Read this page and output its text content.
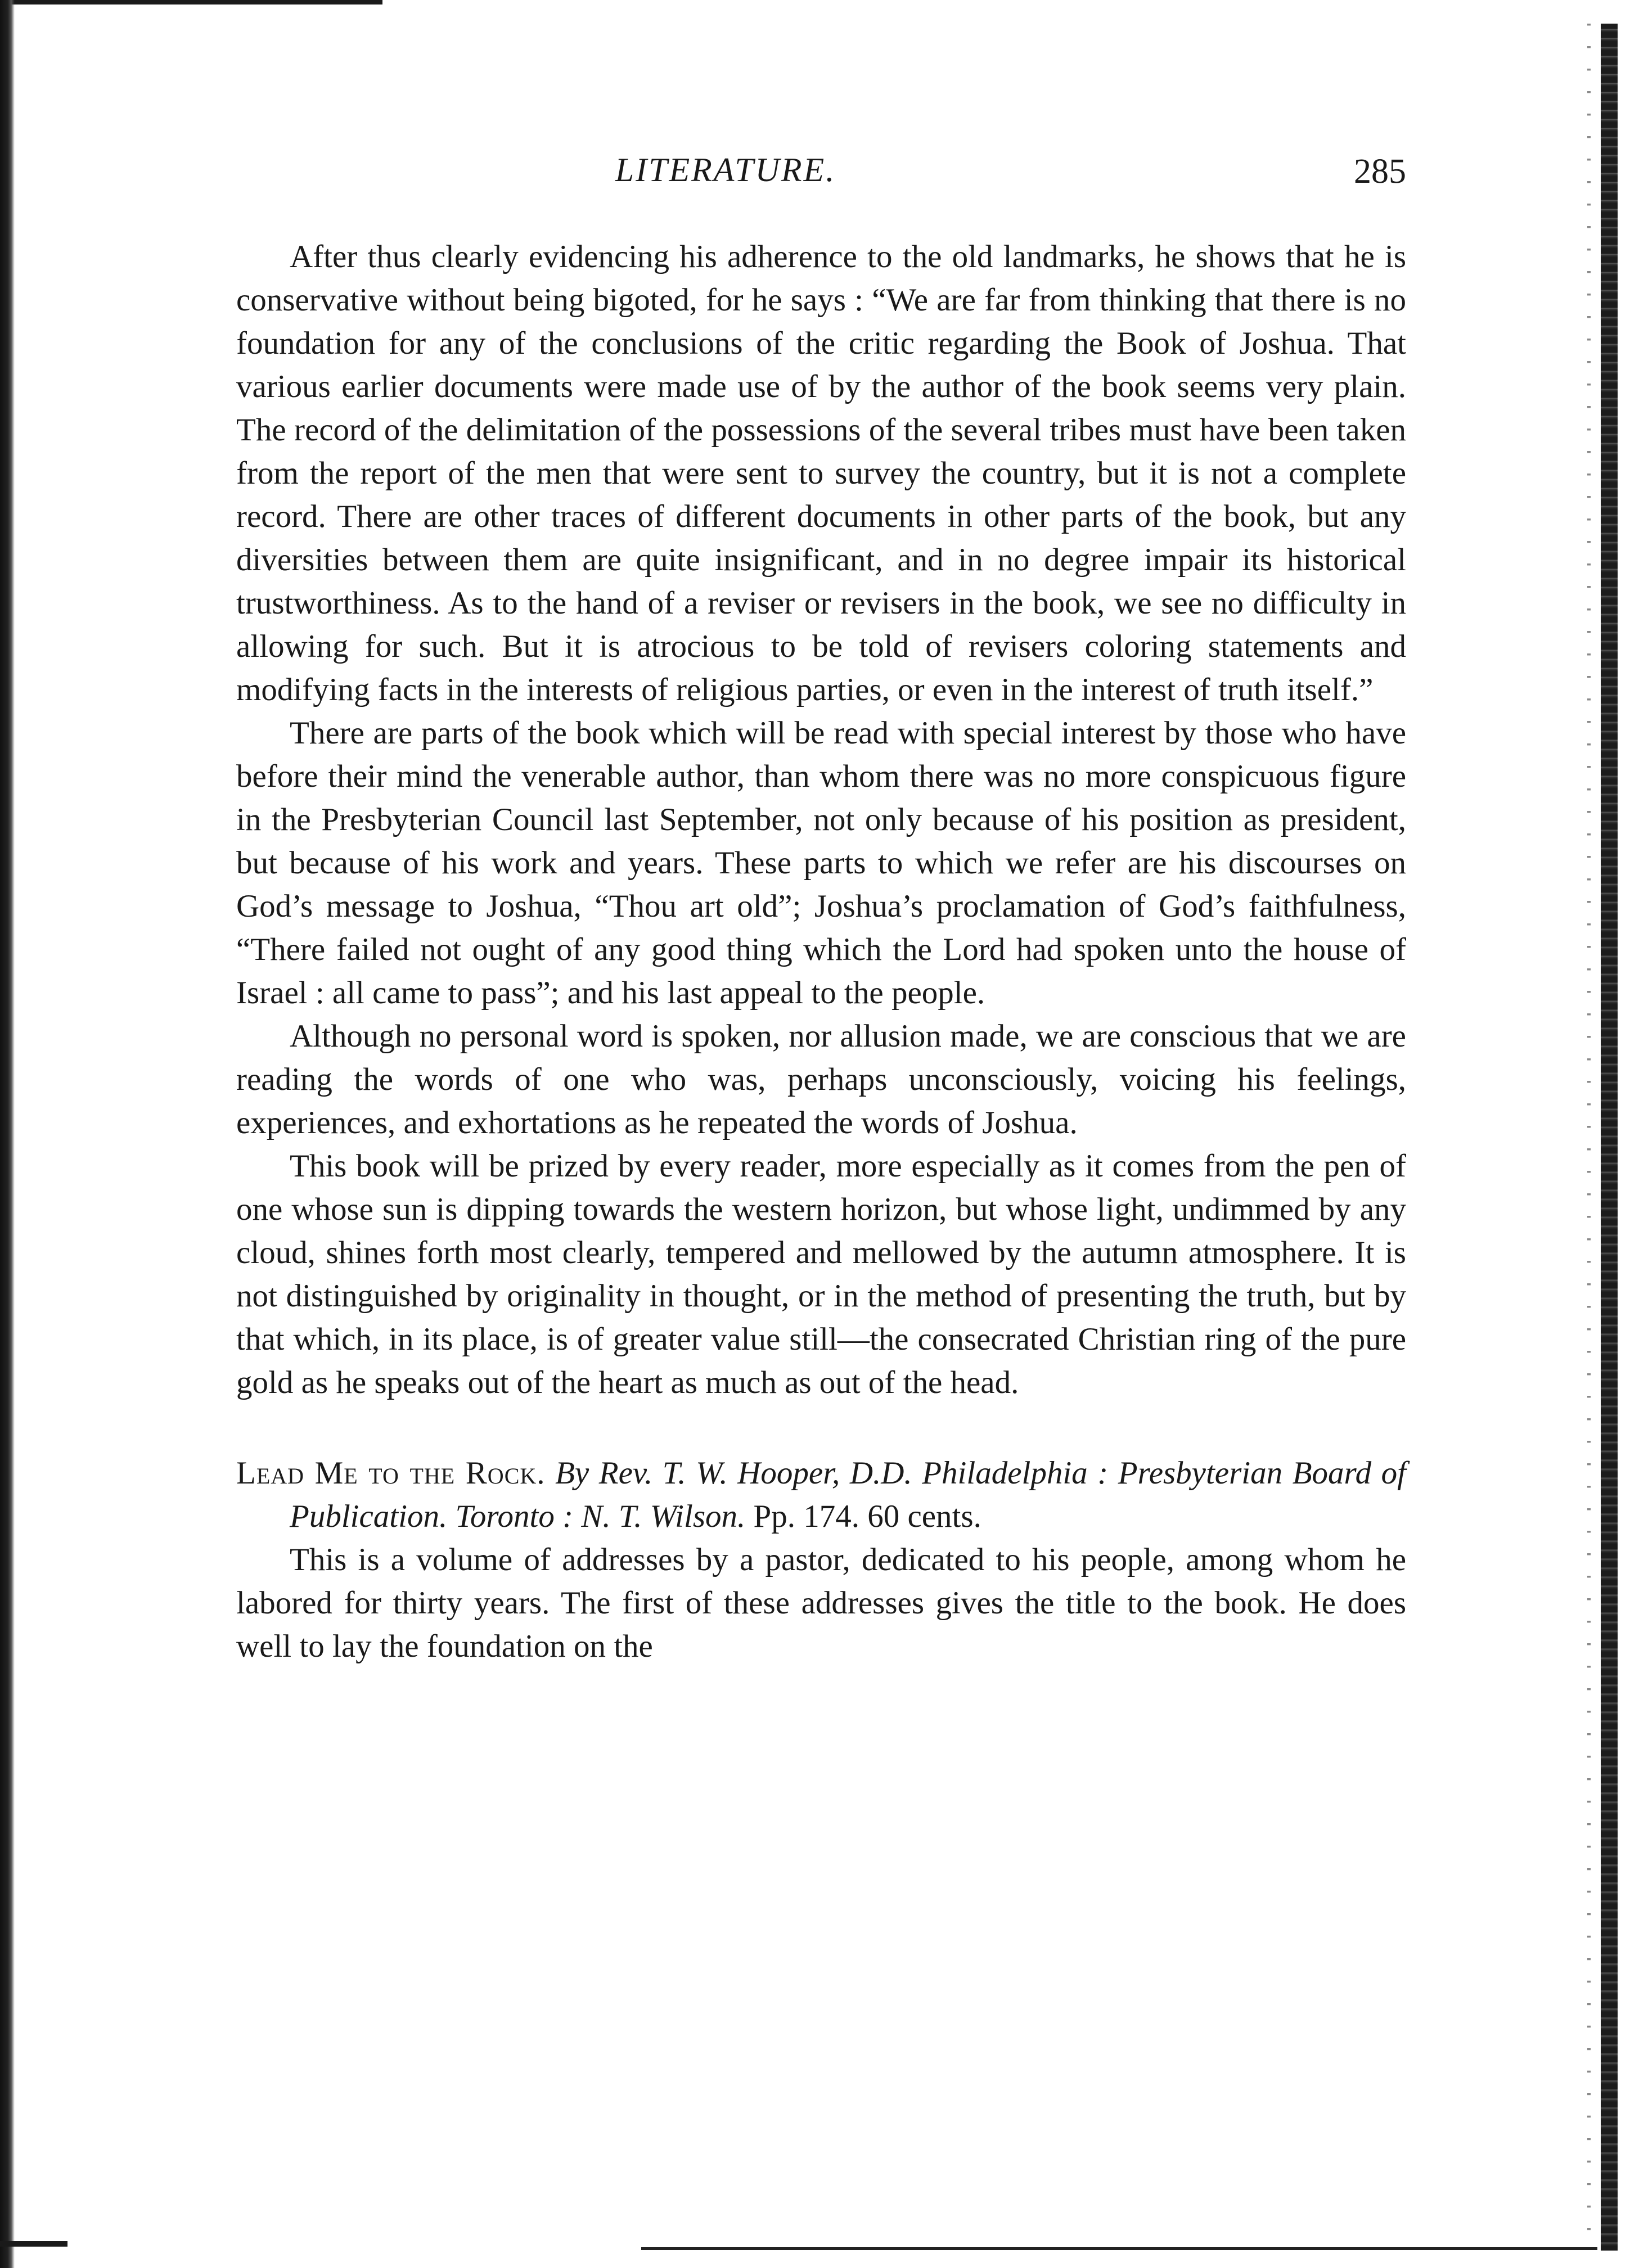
LITERATURE.	285

After thus clearly evidencing his adherence to the old landmarks, he shows that he is conservative without being bigoted, for he says : “We are far from thinking that there is no foundation for any of the conclusions of the critic regarding the Book of Joshua. That various earlier documents were made use of by the author of the book seems very plain. The record of the delimitation of the possessions of the several tribes must have been taken from the report of the men that were sent to survey the country, but it is not a complete record. There are other traces of different documents in other parts of the book, but any diversities between them are quite insignificant, and in no degree impair its historical trustworthiness. As to the hand of a reviser or revisers in the book, we see no difficulty in allowing for such. But it is atrocious to be told of revisers coloring statements and modifying facts in the interests of religious parties, or even in the interest of truth itself.”

There are parts of the book which will be read with special interest by those who have before their mind the venerable author, than whom there was no more conspicuous figure in the Presbyterian Council last September, not only because of his position as president, but because of his work and years. These parts to which we refer are his discourses on God’s message to Joshua, “Thou art old”; Joshua’s proclamation of God’s faithfulness, “There failed not ought of any good thing which the Lord had spoken unto the house of Israel : all came to pass”; and his last appeal to the people.

Although no personal word is spoken, nor allusion made, we are conscious that we are reading the words of one who was, perhaps unconsciously, voicing his feelings, experiences, and exhortations as he repeated the words of Joshua.

This book will be prized by every reader, more especially as it comes from the pen of one whose sun is dipping towards the western horizon, but whose light, undimmed by any cloud, shines forth most clearly, tempered and mellowed by the autumn atmosphere. It is not distinguished by originality in thought, or in the method of presenting the truth, but by that which, in its place, is of greater value still—the consecrated Christian ring of the pure gold as he speaks out of the heart as much as out of the head.

Lead Me to the Rock. By Rev. T. W. Hooper, D.D. Philadelphia : Presbyterian Board of Publication. Toronto : N. T. Wilson. Pp. 174. 60 cents.

This is a volume of addresses by a pastor, dedicated to his people, among whom he labored for thirty years. The first of these addresses gives the title to the book. He does well to lay the foundation on the
